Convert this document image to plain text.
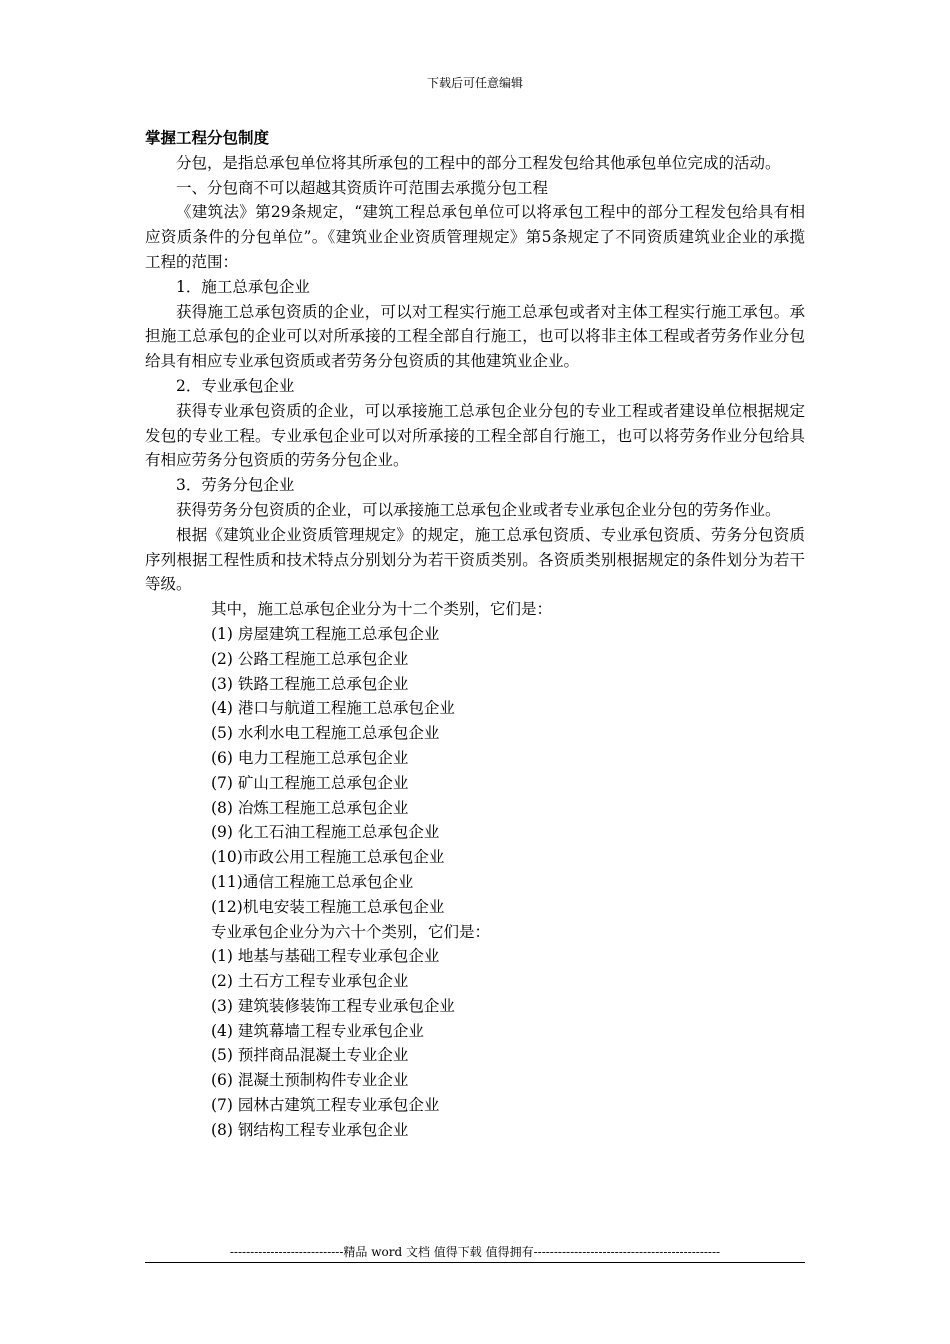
下载后可任意编辑
掌握工程分包制度
分包，是指总承包单位将其所承包的工程中的部分工程发包给其他承包单位完成的活动。
一、分包商不可以超越其资质许可范围去承揽分包工程
《建筑法》第29条规定，“建筑工程总承包单位可以将承包工程中的部分工程发包给具有相应资质条件的分包单位”。《建筑业企业资质管理规定》第5条规定了不同资质建筑业企业的承揽工程的范围：
1．施工总承包企业
获得施工总承包资质的企业，可以对工程实行施工总承包或者对主体工程实行施工承包。承担施工总承包的企业可以对所承接的工程全部自行施工，也可以将非主体工程或者劳务作业分包给具有相应专业承包资质或者劳务分包资质的其他建筑业企业。
2．专业承包企业
获得专业承包资质的企业，可以承接施工总承包企业分包的专业工程或者建设单位根据规定发包的专业工程。专业承包企业可以对所承接的工程全部自行施工，也可以将劳务作业分包给具有相应劳务分包资质的劳务分包企业。
3．劳务分包企业
获得劳务分包资质的企业，可以承接施工总承包企业或者专业承包企业分包的劳务作业。
根据《建筑业企业资质管理规定》的规定，施工总承包资质、专业承包资质、劳务分包资质序列根据工程性质和技术特点分别划分为若干资质类别。各资质类别根据规定的条件划分为若干等级。
其中，施工总承包企业分为十二个类别，它们是：
(1) 房屋建筑工程施工总承包企业
(2) 公路工程施工总承包企业
(3) 铁路工程施工总承包企业
(4) 港口与航道工程施工总承包企业
(5) 水利水电工程施工总承包企业
(6) 电力工程施工总承包企业
(7) 矿山工程施工总承包企业
(8) 冶炼工程施工总承包企业
(9) 化工石油工程施工总承包企业
(10)市政公用工程施工总承包企业
(11)通信工程施工总承包企业
(12)机电安装工程施工总承包企业
专业承包企业分为六十个类别，它们是：
(1) 地基与基础工程专业承包企业
(2) 土石方工程专业承包企业
(3) 建筑装修装饰工程专业承包企业
(4) 建筑幕墙工程专业承包企业
(5) 预拌商品混凝土专业企业
(6) 混凝土预制构件专业企业
(7) 园林古建筑工程专业承包企业
(8) 钢结构工程专业承包企业
----------------------------精品 word 文档 值得下载 值得拥有----------------------------------------------
